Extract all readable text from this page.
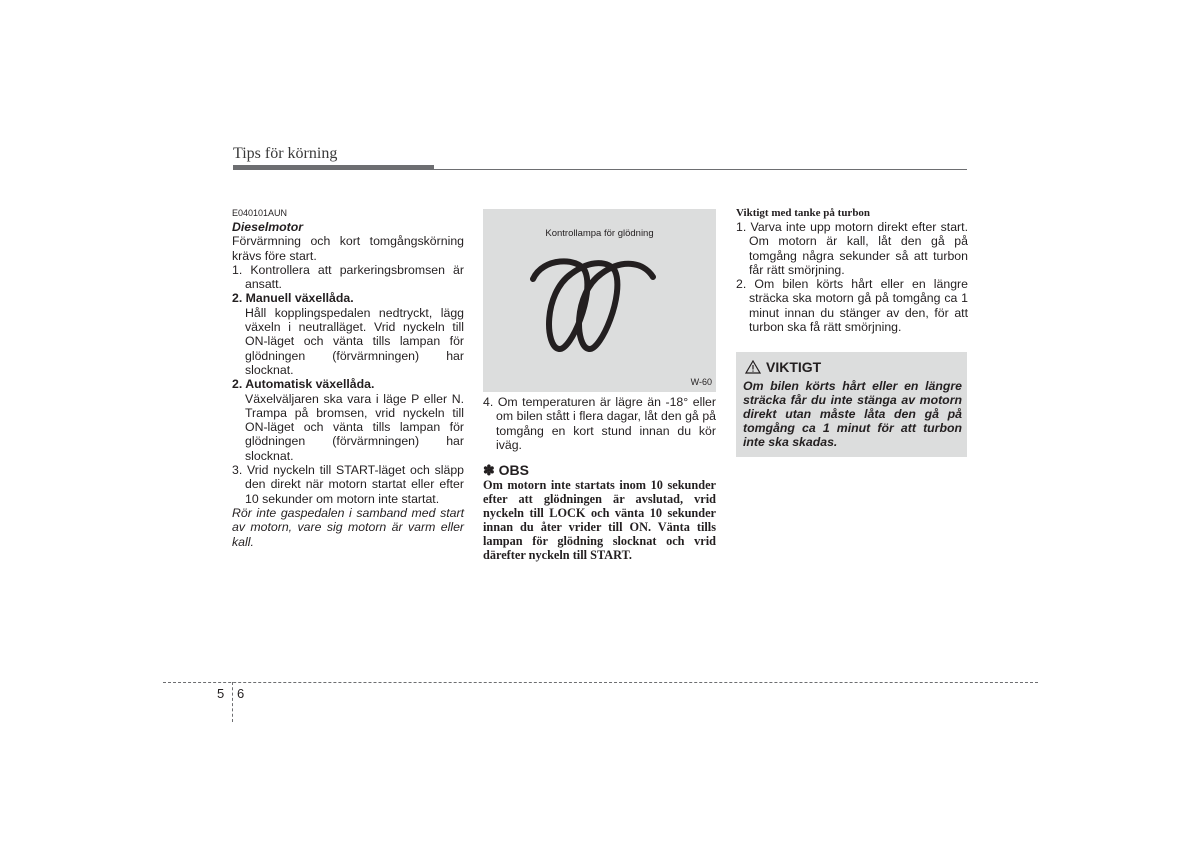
Tips för körning
E040101AUN
Dieselmotor
Förvärmning och kort tomgångskörning krävs före start.
1. Kontrollera att parkeringsbromsen är ansatt.
2. Manuell växellåda.
Håll kopplingspedalen nedtryckt, lägg växeln i neutralläget. Vrid nyckeln till ON-läget och vänta tills lampan för glödningen (förvärmningen) har slocknat.
2. Automatisk växellåda.
Växelväljaren ska vara i läge P eller N. Trampa på bromsen, vrid nyckeln till ON-läget och vänta tills lampan för glödningen (förvärmningen) har slocknat.
3. Vrid nyckeln till START-läget och släpp den direkt när motorn startat eller efter 10 sekunder om motorn inte startat.
Rör inte gaspedalen i samband med start av motorn, vare sig motorn är varm eller kall.
Kontrollampa för glödning
W-60
4. Om temperaturen är lägre än -18° eller om bilen stått i flera dagar, låt den gå på tomgång en kort stund innan du kör iväg.
✽ OBS
Om motorn inte startats inom 10 sekunder efter att glödningen är avslutad, vrid nyckeln till LOCK och vänta 10 sekunder innan du åter vrider till ON. Vänta tills lampan för glödning slocknat och vrid därefter nyckeln till START.
Viktigt med tanke på turbon
1. Varva inte upp motorn direkt efter start. Om motorn är kall, låt den gå på tomgång några sekunder så att turbon får rätt smörjning.
2. Om bilen körts hårt eller en längre sträcka ska motorn gå på tomgång ca 1 minut innan du stänger av den, för att turbon ska få rätt smörjning.
VIKTIGT
Om bilen körts hårt eller en längre sträcka får du inte stänga av motorn direkt utan måste låta den gå på tomgång ca 1 minut för att turbon inte ska skadas.
5 6
